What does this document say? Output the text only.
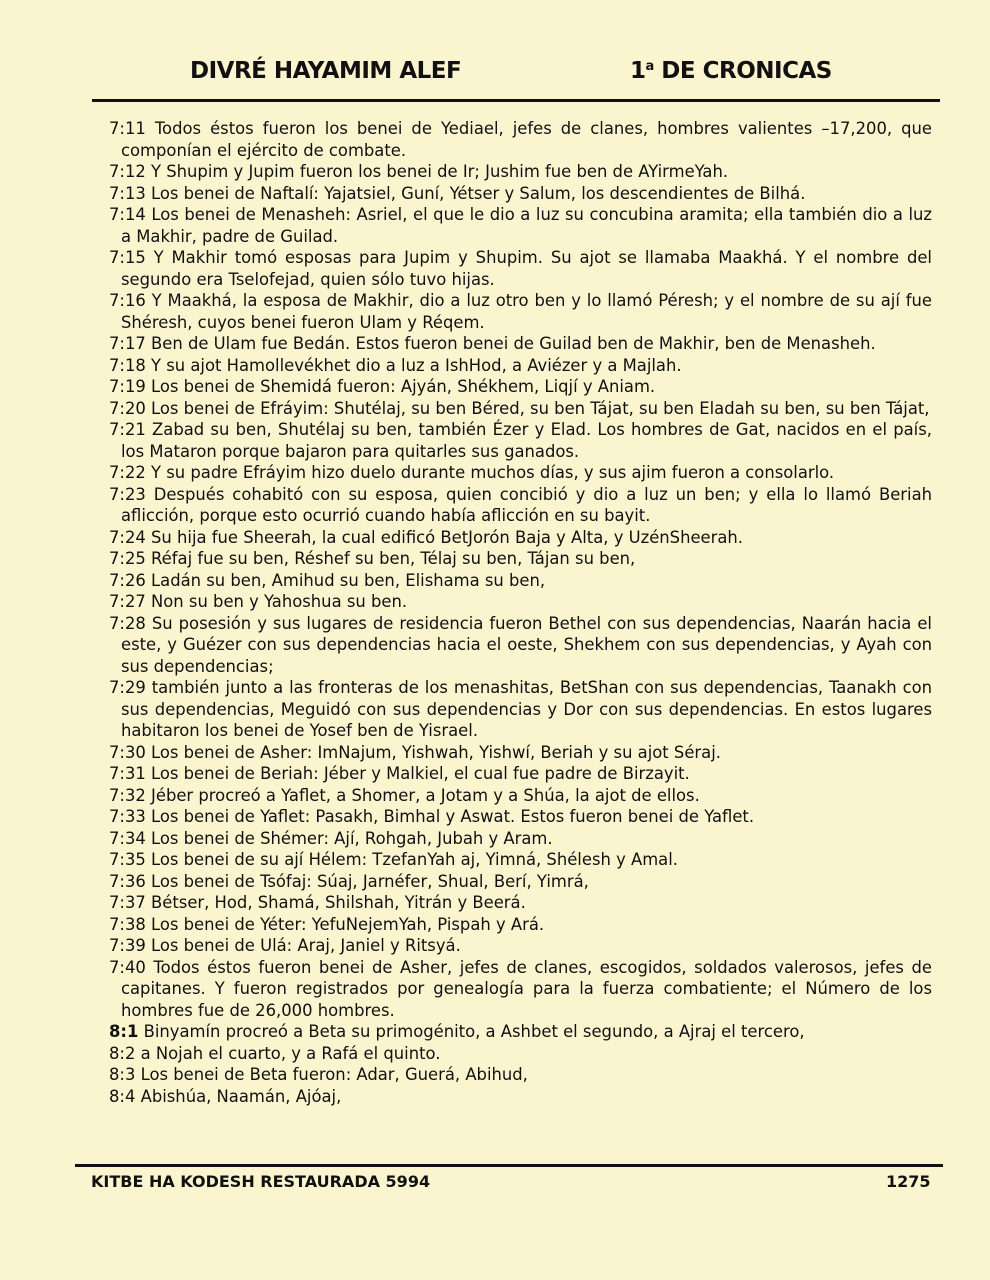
DIVRÉ HAYAMIM ALEF	1$^a$ DE CRONICAS

7:11 Todos éstos fueron los benei de Yediael, jefes de clanes, hombres valientes –17,200, que componían el ejército de combate.

7:12 Y Shupim y Jupim fueron los benei de Ir; Jushim fue ben de AYirmeYah.

7:13 Los benei de Naftalí: Yajatsiel, Guní, Yétser y Salum, los descendientes de Bilhá.

7:14 Los benei de Menasheh: Asriel, el que le dio a luz su concubina aramita; ella también dio a luz a Makhir, padre de Guilad.

7:15 Y Makhir tomó esposas para Jupim y Shupim. Su ajot se llamaba Maakhá. Y el nombre del segundo era Tselofejad, quien sólo tuvo hijas.

7:16 Y Maakhá, la esposa de Makhir, dio a luz otro ben y lo llamó Péresh; y el nombre de su ají fue Shéresh, cuyos benei fueron Ulam y Réqem.

7:17 Ben de Ulam fue Bedán. Estos fueron benei de Guilad ben de Makhir, ben de Menasheh.

7:18 Y su ajot Hamollevékhet dio a luz a IshHod, a Aviézer y a Majlah.

7:19 Los benei de Shemidá fueron: Ajyán, Shékhem, Liqjí y Aniam.

7:20 Los benei de Efráyim: Shutélaj, su ben Béred, su ben Tájat, su ben Eladah su ben, su ben Tájat,

7:21 Zabad su ben, Shutélaj su ben, también Ézer y Elad. Los hombres de Gat, nacidos en el país, los Mataron porque bajaron para quitarles sus ganados.

7:22 Y su padre Efráyim hizo duelo durante muchos días, y sus ajim fueron a consolarlo.

7:23 Después cohabitó con su esposa, quien concibió y dio a luz un ben; y ella lo llamó Beriah aflicción, porque esto ocurrió cuando había aflicción en su bayit.

7:24 Su hija fue Sheerah, la cual edificó BetJorón Baja y Alta, y UzénSheerah.

7:25 Réfaj fue su ben, Réshef su ben, Télaj su ben, Tájan su ben,

7:26 Ladán su ben, Amihud su ben, Elishama su ben,

7:27 Non su ben y Yahoshua su ben.

7:28 Su posesión y sus lugares de residencia fueron Bethel con sus dependencias, Naarán hacia el este, y Guézer con sus dependencias hacia el oeste, Shekhem con sus dependencias, y Ayah con sus dependencias;

7:29 también junto a las fronteras de los menashitas, BetShan con sus dependencias, Taanakh con sus dependencias, Meguidó con sus dependencias y Dor con sus dependencias. En estos lugares habitaron los benei de Yosef ben de Yisrael.

7:30 Los benei de Asher: ImNajum, Yishwah, Yishwí, Beriah y su ajot Séraj.

7:31 Los benei de Beriah: Jéber y Malkiel, el cual fue padre de Birzayit.

7:32 Jéber procreó a Yaflet, a Shomer, a Jotam y a Shúa, la ajot de ellos.

7:33 Los benei de Yaflet: Pasakh, Bimhal y Aswat. Estos fueron benei de Yaflet.

7:34 Los benei de Shémer: Ají, Rohgah, Jubah y Aram.

7:35 Los benei de su ají Hélem: TzefanYah aj, Yimná, Shélesh y Amal.

7:36 Los benei de Tsófaj: Súaj, Jarnéfer, Shual, Berí, Yimrá,

7:37 Bétser, Hod, Shamá, Shilshah, Yitrán y Beerá.

7:38 Los benei de Yéter: YefuNejemYah, Pispah y Ará.

7:39 Los benei de Ulá: Araj, Janiel y Ritsyá.

7:40 Todos éstos fueron benei de Asher, jefes de clanes, escogidos, soldados valerosos, jefes de capitanes. Y fueron registrados por genealogía para la fuerza combatiente; el Número de los hombres fue de 26,000 hombres.

8:1 Binyamín procreó a Beta su primogénito, a Ashbet el segundo, a Ajraj el tercero,

8:2 a Nojah el cuarto, y a Rafá el quinto.

8:3 Los benei de Beta fueron: Adar, Guerá, Abihud,

8:4 Abishúa, Naamán, Ajóaj,

KITBE HA KODESH RESTAURADA 5994	1275
